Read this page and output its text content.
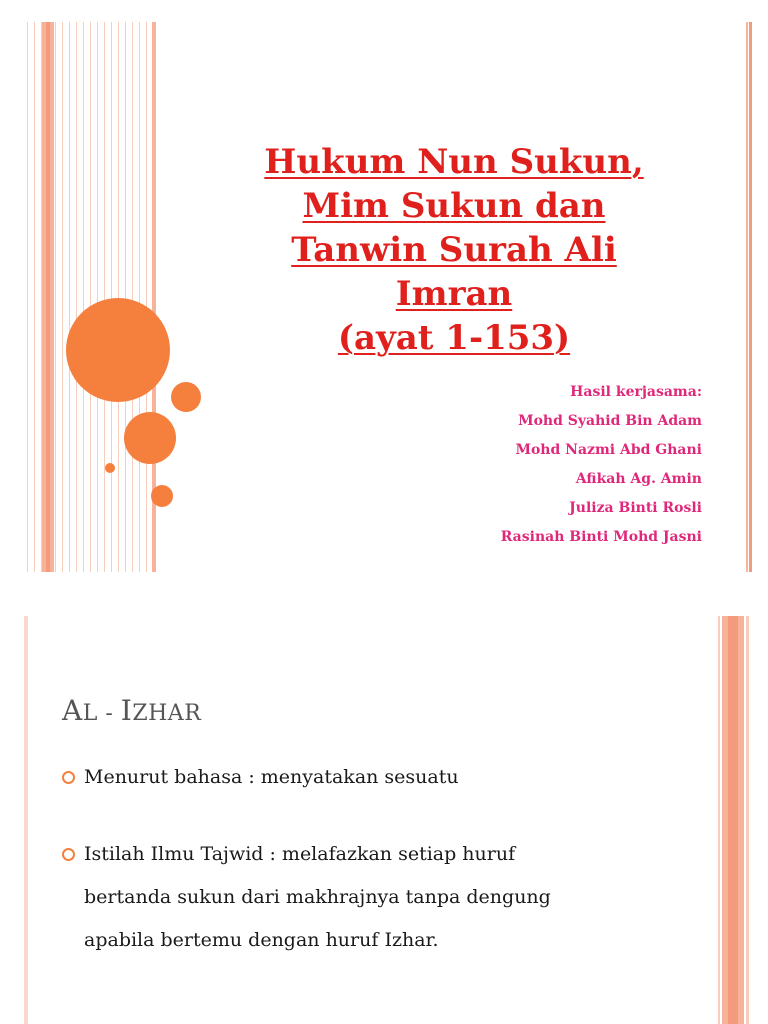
Hukum Nun Sukun,
Mim Sukun dan
Tanwin Surah Ali
Imran
(ayat 1-153)
Hasil kerjasama:
Mohd Syahid Bin Adam
Mohd Nazmi Abd Ghani
Afikah Ag. Amin
Juliza Binti Rosli
Rasinah Binti Mohd Jasni
AL - IZHAR
Menurut bahasa : menyatakan sesuatu
Istilah Ilmu Tajwid : melafazkan setiap huruf
bertanda sukun dari makhrajnya tanpa dengung
apabila bertemu dengan huruf Izhar.
